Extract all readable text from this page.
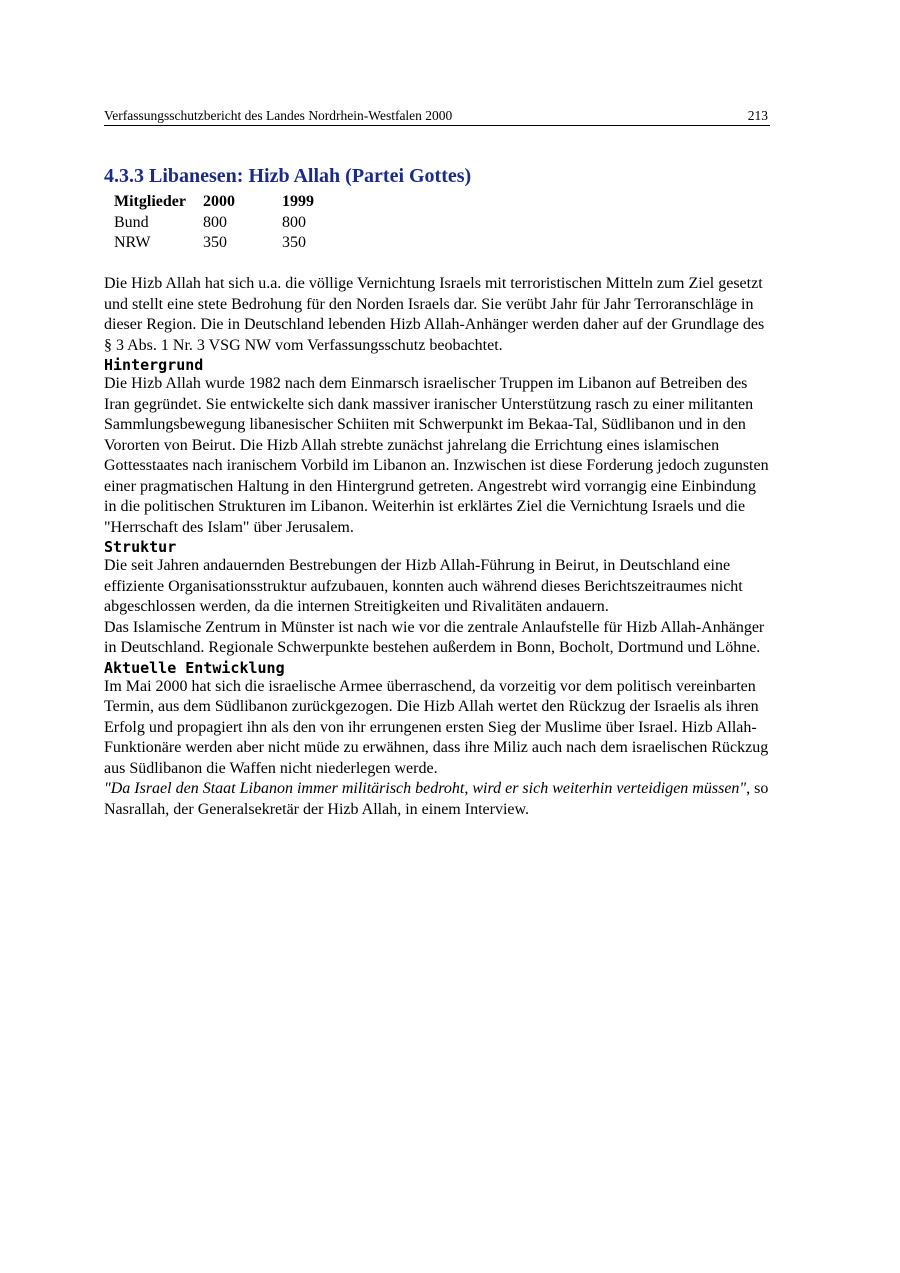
Verfassungsschutzbericht des Landes Nordrhein-Westfalen 2000	213
4.3.3 Libanesen: Hizb Allah (Partei Gottes)
Mitglieder	2000	1999
Bund	800	800
NRW	350	350

Die Hizb Allah hat sich u.a. die völlige Vernichtung Israels mit terroristischen Mitteln zum Ziel gesetzt und stellt eine stete Bedrohung für den Norden Israels dar. Sie verübt Jahr für Jahr Terroranschläge in dieser Region. Die in Deutschland lebenden Hizb Allah-Anhänger werden daher auf der Grundlage des § 3 Abs. 1 Nr. 3 VSG NW vom Verfassungsschutz beobachtet.

Hintergrund

Die Hizb Allah wurde 1982 nach dem Einmarsch israelischer Truppen im Libanon auf Betreiben des Iran gegründet. Sie entwickelte sich dank massiver iranischer Unterstützung rasch zu einer militanten Sammlungsbewegung libanesischer Schiiten mit Schwerpunkt im Bekaa-Tal, Südlibanon und in den Vororten von Beirut. Die Hizb Allah strebte zunächst jahrelang die Errichtung eines islamischen Gottesstaates nach iranischem Vorbild im Libanon an. Inzwischen ist diese Forderung jedoch zugunsten einer pragmatischen Haltung in den Hintergrund getreten. Angestrebt wird vorrangig eine Einbindung in die politischen Strukturen im Libanon. Weiterhin ist erklärtes Ziel die Vernichtung Israels und die "Herrschaft des Islam" über Jerusalem.

Struktur

Die seit Jahren andauernden Bestrebungen der Hizb Allah-Führung in Beirut, in Deutschland eine effiziente Organisationsstruktur aufzubauen, konnten auch während dieses Berichtszeitraumes nicht abgeschlossen werden, da die internen Streitigkeiten und Rivalitäten andauern.

Das Islamische Zentrum in Münster ist nach wie vor die zentrale Anlaufstelle für Hizb Allah-Anhänger in Deutschland. Regionale Schwerpunkte bestehen außerdem in Bonn, Bocholt, Dortmund und Löhne.

Aktuelle Entwicklung

Im Mai 2000 hat sich die israelische Armee überraschend, da vorzeitig vor dem politisch vereinbarten Termin, aus dem Südlibanon zurückgezogen. Die Hizb Allah wertet den Rückzug der Israelis als ihren Erfolg und propagiert ihn als den von ihr errungenen ersten Sieg der Muslime über Israel. Hizb Allah-Funktionäre werden aber nicht müde zu erwähnen, dass ihre Miliz auch nach dem israelischen Rückzug aus Südlibanon die Waffen nicht niederlegen werde.

"Da Israel den Staat Libanon immer militärisch bedroht, wird er sich weiterhin verteidigen müssen", so Nasrallah, der Generalsekretär der Hizb Allah, in einem Interview.
